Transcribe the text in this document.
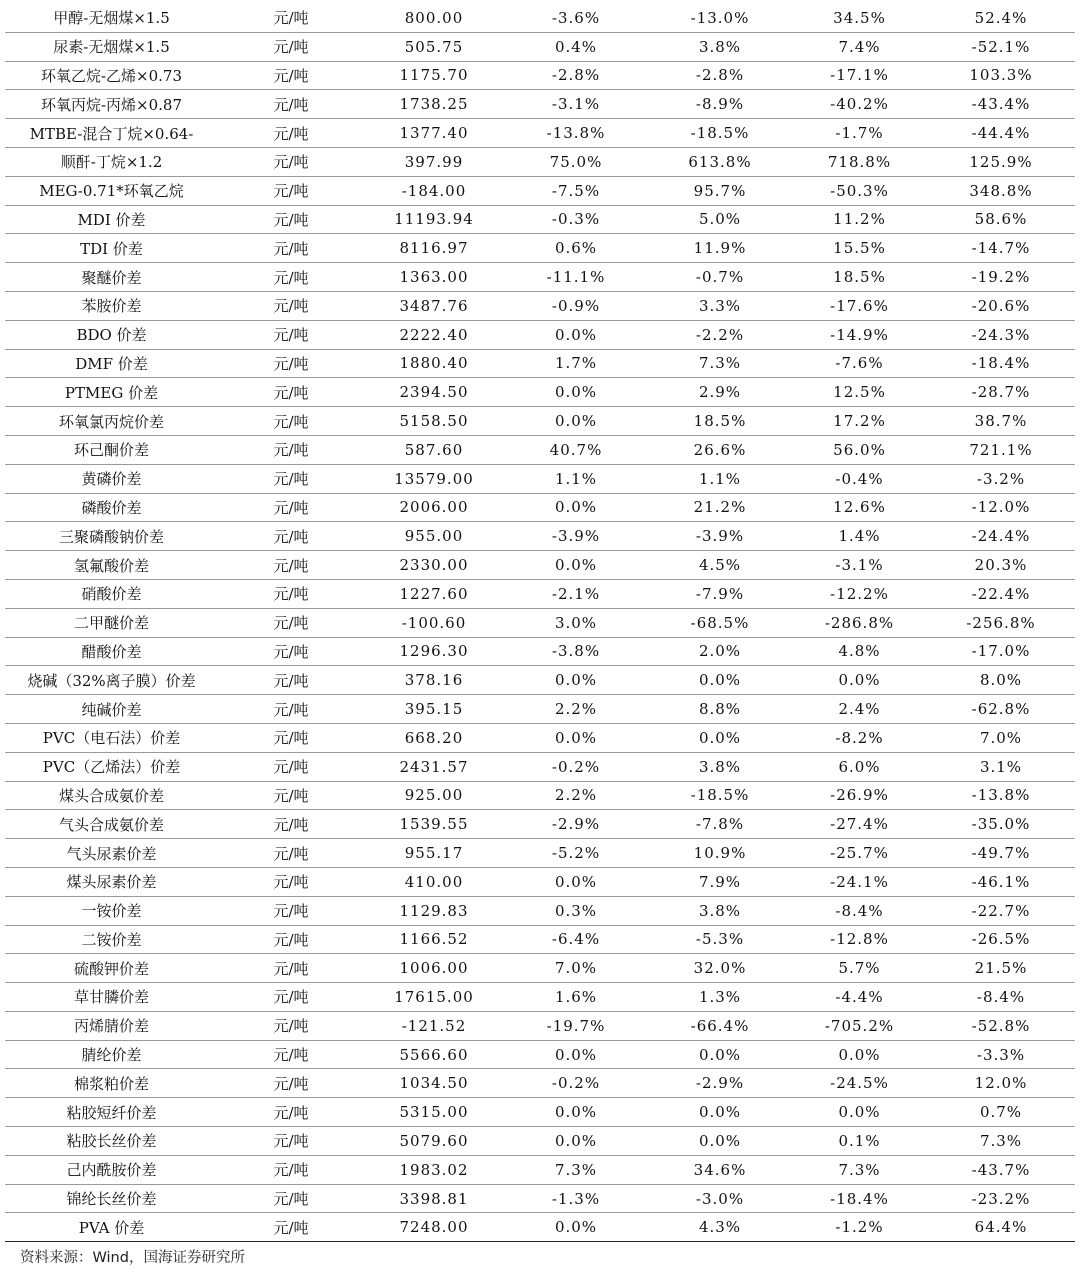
甲醇-无烟煤×1.5	元/吨	800.00	-3.6%	-13.0%	34.5%	52.4%
尿素-无烟煤×1.5	元/吨	505.75	0.4%	3.8%	7.4%	-52.1%
环氧乙烷-乙烯×0.73	元/吨	1175.70	-2.8%	-2.8%	-17.1%	103.3%
环氧丙烷-丙烯×0.87	元/吨	1738.25	-3.1%	-8.9%	-40.2%	-43.4%
MTBE-混合丁烷×0.64-	元/吨	1377.40	-13.8%	-18.5%	-1.7%	-44.4%
顺酐-丁烷×1.2	元/吨	397.99	75.0%	613.8%	718.8%	125.9%
MEG-0.71*环氧乙烷	元/吨	-184.00	-7.5%	95.7%	-50.3%	348.8%
MDI 价差	元/吨	11193.94	-0.3%	5.0%	11.2%	58.6%
TDI 价差	元/吨	8116.97	0.6%	11.9%	15.5%	-14.7%
聚醚价差	元/吨	1363.00	-11.1%	-0.7%	18.5%	-19.2%
苯胺价差	元/吨	3487.76	-0.9%	3.3%	-17.6%	-20.6%
BDO 价差	元/吨	2222.40	0.0%	-2.2%	-14.9%	-24.3%
DMF 价差	元/吨	1880.40	1.7%	7.3%	-7.6%	-18.4%
PTMEG 价差	元/吨	2394.50	0.0%	2.9%	12.5%	-28.7%
环氧氯丙烷价差	元/吨	5158.50	0.0%	18.5%	17.2%	38.7%
环己酮价差	元/吨	587.60	40.7%	26.6%	56.0%	721.1%
黄磷价差	元/吨	13579.00	1.1%	1.1%	-0.4%	-3.2%
磷酸价差	元/吨	2006.00	0.0%	21.2%	12.6%	-12.0%
三聚磷酸钠价差	元/吨	955.00	-3.9%	-3.9%	1.4%	-24.4%
氢氟酸价差	元/吨	2330.00	0.0%	4.5%	-3.1%	20.3%
硝酸价差	元/吨	1227.60	-2.1%	-7.9%	-12.2%	-22.4%
二甲醚价差	元/吨	-100.60	3.0%	-68.5%	-286.8%	-256.8%
醋酸价差	元/吨	1296.30	-3.8%	2.0%	4.8%	-17.0%
烧碱（32%离子膜）价差	元/吨	378.16	0.0%	0.0%	0.0%	8.0%
纯碱价差	元/吨	395.15	2.2%	8.8%	2.4%	-62.8%
PVC（电石法）价差	元/吨	668.20	0.0%	0.0%	-8.2%	7.0%
PVC（乙烯法）价差	元/吨	2431.57	-0.2%	3.8%	6.0%	3.1%
煤头合成氨价差	元/吨	925.00	2.2%	-18.5%	-26.9%	-13.8%
气头合成氨价差	元/吨	1539.55	-2.9%	-7.8%	-27.4%	-35.0%
气头尿素价差	元/吨	955.17	-5.2%	10.9%	-25.7%	-49.7%
煤头尿素价差	元/吨	410.00	0.0%	7.9%	-24.1%	-46.1%
一铵价差	元/吨	1129.83	0.3%	3.8%	-8.4%	-22.7%
二铵价差	元/吨	1166.52	-6.4%	-5.3%	-12.8%	-26.5%
硫酸钾价差	元/吨	1006.00	7.0%	32.0%	5.7%	21.5%
草甘膦价差	元/吨	17615.00	1.6%	1.3%	-4.4%	-8.4%
丙烯腈价差	元/吨	-121.52	-19.7%	-66.4%	-705.2%	-52.8%
腈纶价差	元/吨	5566.60	0.0%	0.0%	0.0%	-3.3%
棉浆粕价差	元/吨	1034.50	-0.2%	-2.9%	-24.5%	12.0%
粘胶短纤价差	元/吨	5315.00	0.0%	0.0%	0.0%	0.7%
粘胶长丝价差	元/吨	5079.60	0.0%	0.0%	0.1%	7.3%
己内酰胺价差	元/吨	1983.02	7.3%	34.6%	7.3%	-43.7%
锦纶长丝价差	元/吨	3398.81	-1.3%	-3.0%	-18.4%	-23.2%
PVA 价差	元/吨	7248.00	0.0%	4.3%	-1.2%	64.4%
资料来源：Wind，国海证券研究所
